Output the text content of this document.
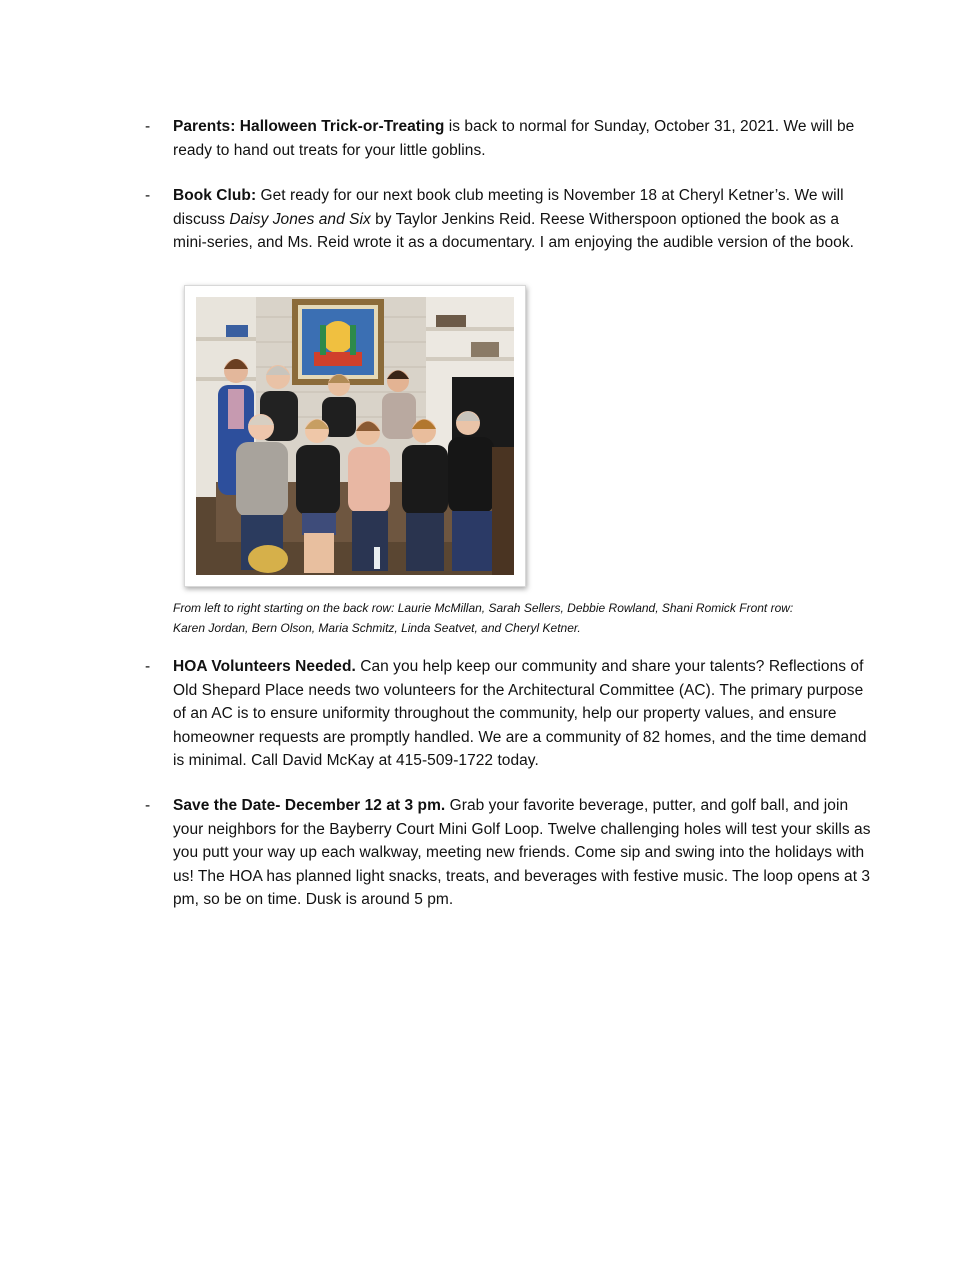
- Parents: Halloween Trick-or-Treating is back to normal for Sunday, October 31, 2021. We will be ready to hand out treats for your little goblins.
- Book Club: Get ready for our next book club meeting is November 18 at Cheryl Ketner’s. We will discuss Daisy Jones and Six by Taylor Jenkins Reid. Reese Witherspoon optioned the book as a mini-series, and Ms. Reid wrote it as a documentary. I am enjoying the audible version of the book.
From left to right starting on the back row: Laurie McMillan, Sarah Sellers, Debbie Rowland, Shani Romick Front row:
Karen Jordan, Bern Olson, Maria Schmitz, Linda Seatvet, and Cheryl Ketner.
- HOA Volunteers Needed. Can you help keep our community and share your talents? Reflections of Old Shepard Place needs two volunteers for the Architectural Committee (AC). The primary purpose of an AC is to ensure uniformity throughout the community, help our property values, and ensure homeowner requests are promptly handled. We are a community of 82 homes, and the time demand is minimal. Call David McKay at 415-509-1722 today.
- Save the Date- December 12 at 3 pm. Grab your favorite beverage, putter, and golf ball, and join your neighbors for the Bayberry Court Mini Golf Loop. Twelve challenging holes will test your skills as you putt your way up each walkway, meeting new friends. Come sip and swing into the holidays with us! The HOA has planned light snacks, treats, and beverages with festive music. The loop opens at 3 pm, so be on time. Dusk is around 5 pm.
